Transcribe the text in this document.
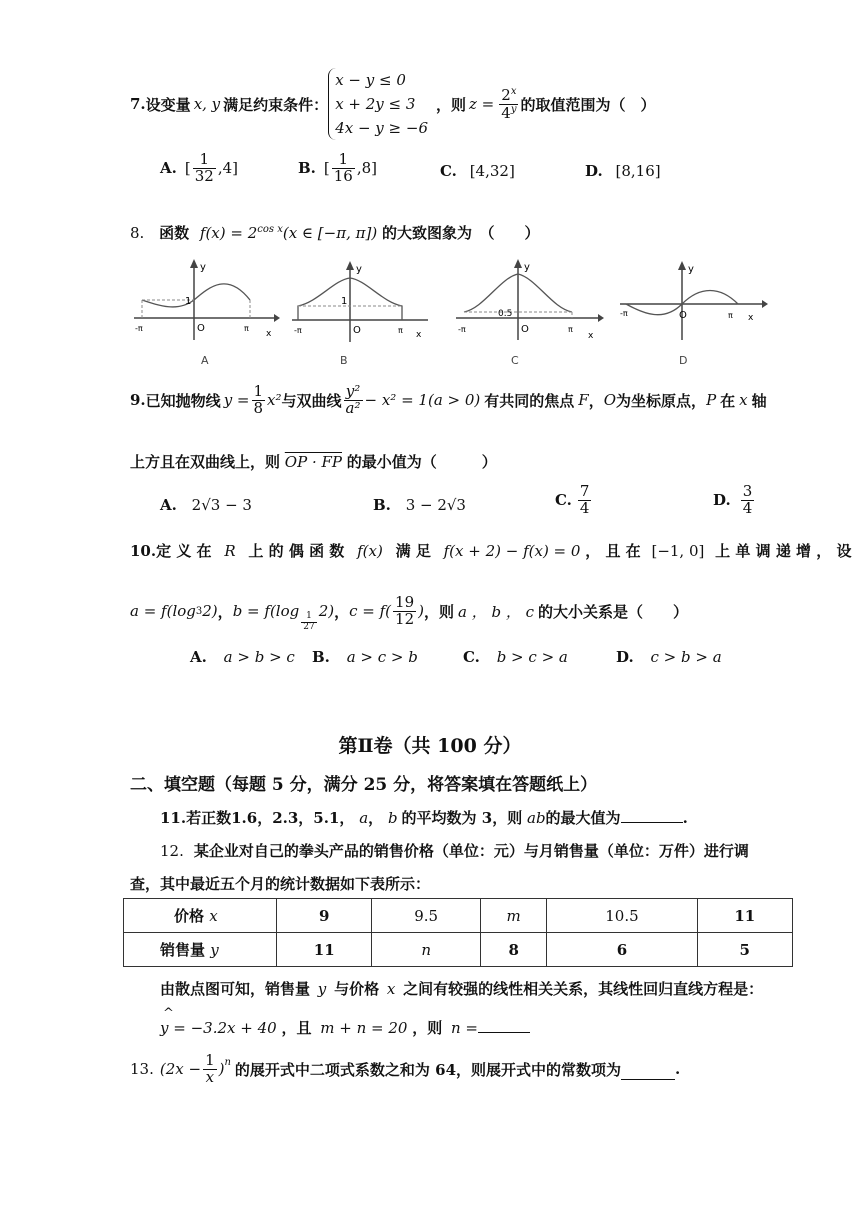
7. 设变量 x, y 满足约束条件：
x − y ≤ 0
x + 2y ≤ 3
4x − y ≥ −6
，则 $z = \frac{2^x}{4^y}$ 的取值范围为（　）
A. [ $\frac{1}{32} ,4$]	B. [ $\frac{1}{16} ,8$]	C. [4,32]	D. [8,16]
8. 函数 $f(x) = 2^{cos x}(x$ ∈ [−π, π]) 的大致图象为　（　　）
y
1
O
-π	π
x
A
y
1
O
-π	π x
B
y
0.5
O
-π	π
x
C
y
O
-π	π x
D
9. 已知抛物线 $y = \frac{1}{8} x^2$ 与双曲线 $\frac{\text{y²}}{\text{a²}} - x^2 = 1(a > 0)$ 有共同的焦点 F ， O 为坐标原点， P 在 x 轴
上方且在双曲线上，则 OP · FP 的最小值为（　　　）
A. 2√3 − 3	B. 3 − 2√3	C. $\frac{7}{4}$	D. $\frac{3}{4}$
10.定 义 在 R 上 的 偶 函 数 f(x) 满 足 f(x + 2) − f(x) = 0 ， 且 在 [−1, 0] 上 单 调 递 增 ， 设
a = f(log 3 2) ， b = f(log
$\frac{1}{27}$
2) ， $c = f( \frac{19}{12}$ ) ，则 a ， b ， c 的大小关系是（　　）
A. a > b > c B. a > c > b	C. b > c > a	D. c > b > a
第Ⅱ卷（共 100 分）
二、填空题（每题 5 分，满分 25 分，将答案填在答题纸上）
11.若正数1.6，2.3，5.1， a， b 的平均数为 3，则 ab的最大值为	.
12. 某企业对自己的拳头产品的销售价格（单位：元）与月销售量（单位：万件）进行调
查，其中最近五个月的统计数据如下表所示：
价格 x	9	9.5	m	10.5	11
销售量 y	11	n	8	6	5
由散点图可知，销售量 y 与价格 x 之间有较强的线性相关关系，其线性回归直线方程是：
^
y = −3.2x + 40 ，且 m + n = 20 ，则 n =
13. $(2x - \frac{1}{x} )^n$ 的展开式中二项式系数之和为 64，则展开式中的常数项为	.
